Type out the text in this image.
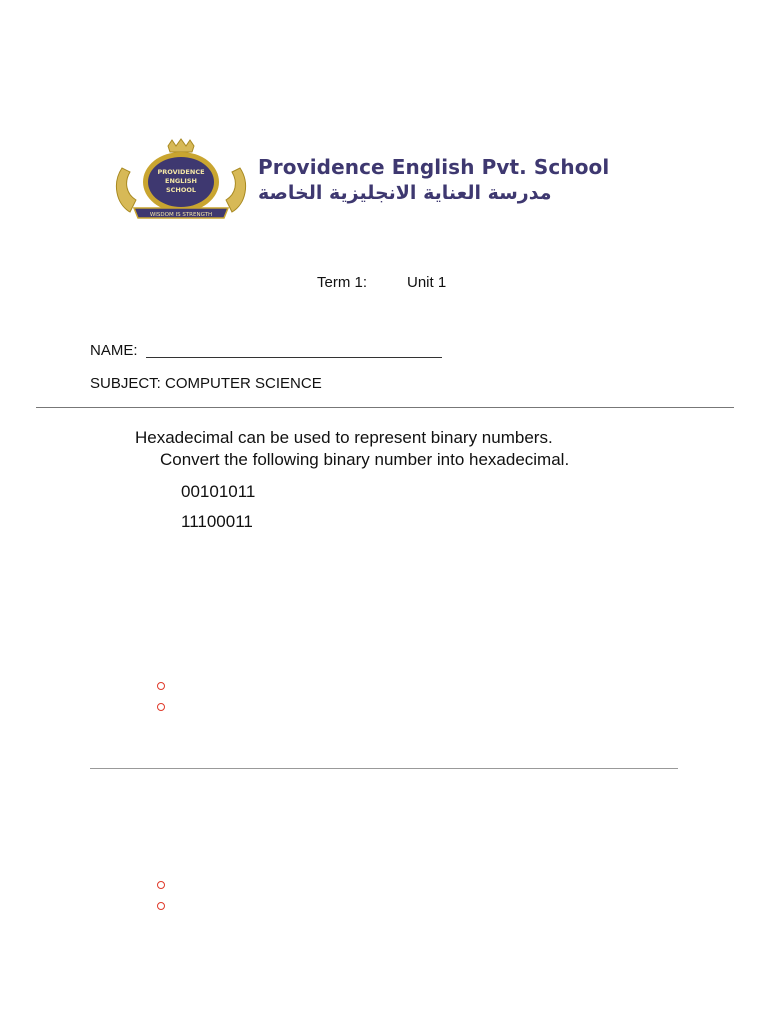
PROVIDENCE
ENGLISH
SCHOOL
WISDOM IS STRENGTH
Providence English Pvt. School
مدرسة العناية الانجليزية الخاصة
Term 1:	Unit 1
NAME:
SUBJECT: COMPUTER SCIENCE
Hexadecimal can be used to represent binary numbers.
Convert the following binary number into hexadecimal.
00101011
11100011
